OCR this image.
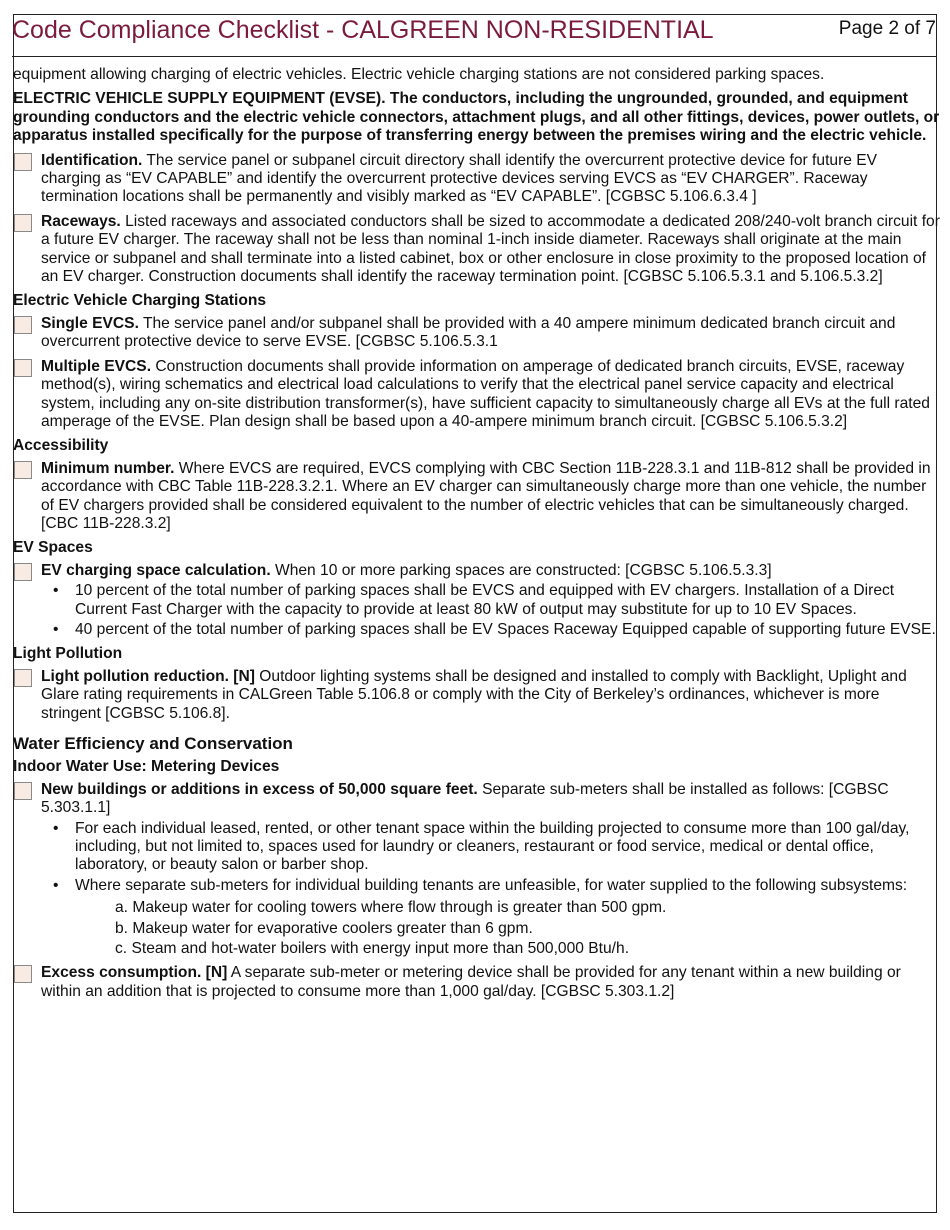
Code Compliance Checklist - CALGREEN NON-RESIDENTIAL	Page 2 of 7

equipment allowing charging of electric vehicles. Electric vehicle charging stations are not considered parking spaces.

ELECTRIC VEHICLE SUPPLY EQUIPMENT (EVSE). The conductors, including the ungrounded, grounded, and equipment grounding conductors and the electric vehicle connectors, attachment plugs, and all other fittings, devices, power outlets, or apparatus installed specifically for the purpose of transferring energy between the premises wiring and the electric vehicle.

Identification. The service panel or subpanel circuit directory shall identify the overcurrent protective device for future EV charging as “EV CAPABLE” and identify the overcurrent protective devices serving EVCS as “EV CHARGER”. Raceway termination locations shall be permanently and visibly marked as “EV CAPABLE”. [CGBSC 5.106.6.3.4 ]
Raceways. Listed raceways and associated conductors shall be sized to accommodate a dedicated 208/240-volt branch circuit for a future EV charger. The raceway shall not be less than nominal 1-inch inside diameter. Raceways shall originate at the main service or subpanel and shall terminate into a listed cabinet, box or other enclosure in close proximity to the proposed location of an EV charger. Construction documents shall identify the raceway termination point. [CGBSC 5.106.5.3.1 and 5.106.5.3.2]

Electric Vehicle Charging Stations

Single EVCS. The service panel and/or subpanel shall be provided with a 40 ampere minimum dedicated branch circuit and overcurrent protective device to serve EVSE. [CGBSC 5.106.5.3.1
Multiple EVCS. Construction documents shall provide information on amperage of dedicated branch circuits, EVSE, raceway method(s), wiring schematics and electrical load calculations to verify that the electrical panel service capacity and electrical system, including any on-site distribution transformer(s), have sufficient capacity to simultaneously charge all EVs at the full rated amperage of the EVSE. Plan design shall be based upon a 40-ampere minimum branch circuit. [CGBSC 5.106.5.3.2]

Accessibility

Minimum number. Where EVCS are required, EVCS complying with CBC Section 11B-228.3.1 and 11B-812 shall be provided in accordance with CBC Table 11B-228.3.2.1. Where an EV charger can simultaneously charge more than one vehicle, the number of EV chargers provided shall be considered equivalent to the number of electric vehicles that can be simultaneously charged. [CBC 11B-228.3.2]

EV Spaces

EV charging space calculation. When 10 or more parking spaces are constructed: [CGBSC 5.106.5.3.3]
• 10 percent of the total number of parking spaces shall be EVCS and equipped with EV chargers. Installation of a Direct Current Fast Charger with the capacity to provide at least 80 kW of output may substitute for up to 10 EV Spaces.
• 40 percent of the total number of parking spaces shall be EV Spaces Raceway Equipped capable of supporting future EVSE.

Light Pollution

Light pollution reduction. [N] Outdoor lighting systems shall be designed and installed to comply with Backlight, Uplight and Glare rating requirements in CALGreen Table 5.106.8 or comply with the City of Berkeley’s ordinances, whichever is more stringent [CGBSC 5.106.8].

Water Efficiency and Conservation

Indoor Water Use: Metering Devices

New buildings or additions in excess of 50,000 square feet. Separate sub-meters shall be installed as follows: [CGBSC 5.303.1.1]
• For each individual leased, rented, or other tenant space within the building projected to consume more than 100 gal/day, including, but not limited to, spaces used for laundry or cleaners, restaurant or food service, medical or dental office, laboratory, or beauty salon or barber shop.
• Where separate sub-meters for individual building tenants are unfeasible, for water supplied to the following subsystems:
a. Makeup water for cooling towers where flow through is greater than 500 gpm.
b. Makeup water for evaporative coolers greater than 6 gpm.
c. Steam and hot-water boilers with energy input more than 500,000 Btu/h.
Excess consumption. [N] A separate sub-meter or metering device shall be provided for any tenant within a new building or within an addition that is projected to consume more than 1,000 gal/day. [CGBSC 5.303.1.2]
